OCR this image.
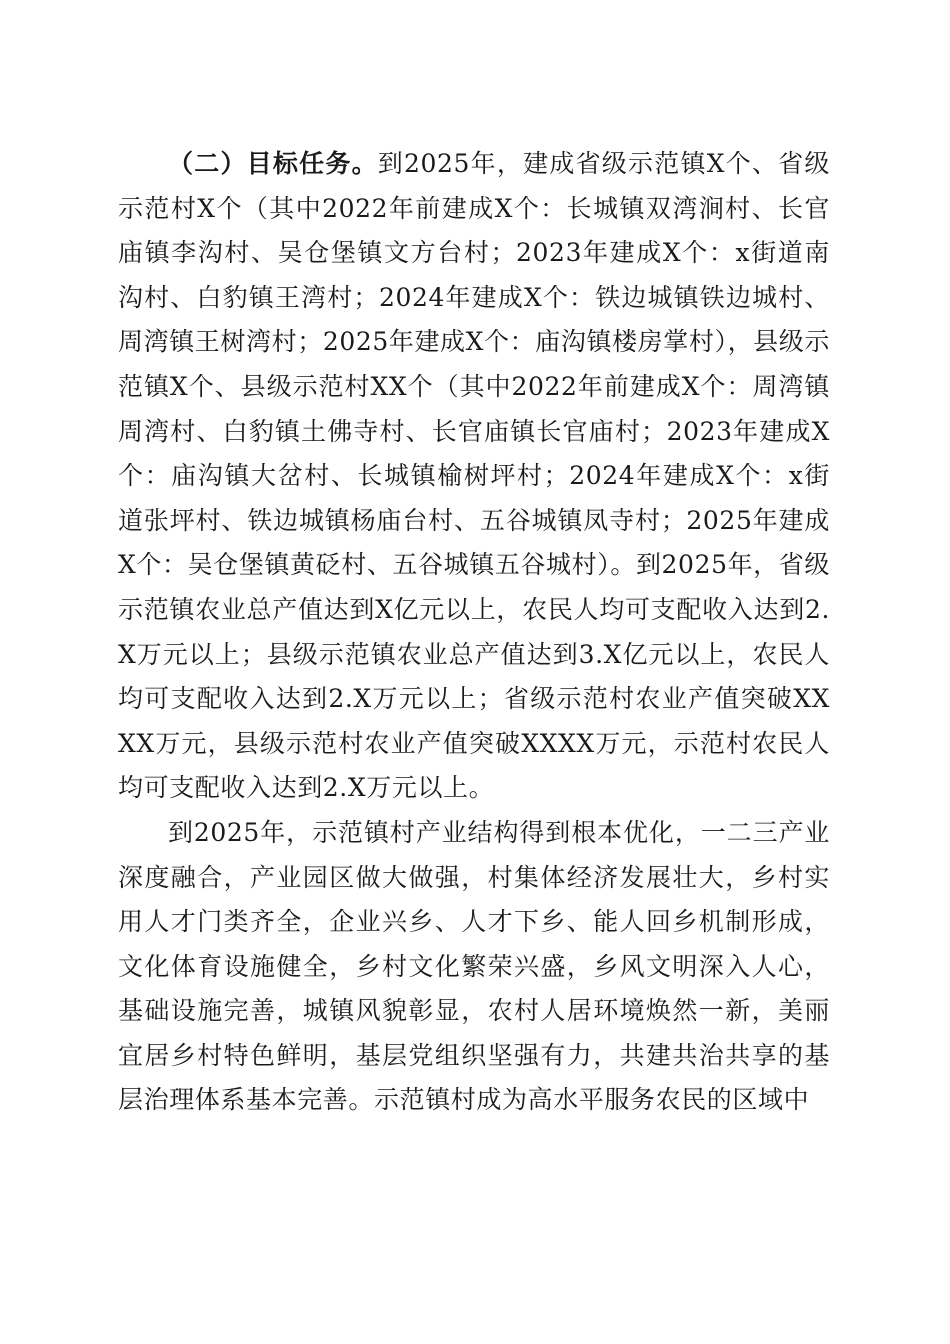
（二）目标任务。到2025年，建成省级示范镇X个、省级示范村X个（其中2022年前建成X个：长城镇双湾涧村、长官庙镇李沟村、吴仓堡镇文方台村；2023年建成X个：x街道南沟村、白豹镇王湾村；2024年建成X个：铁边城镇铁边城村、周湾镇王树湾村；2025年建成X个：庙沟镇楼房掌村），县级示范镇X个、县级示范村XX个（其中2022年前建成X个：周湾镇周湾村、白豹镇土佛寺村、长官庙镇长官庙村；2023年建成X个：庙沟镇大岔村、长城镇榆树坪村；2024年建成X个：x街道张坪村、铁边城镇杨庙台村、五谷城镇凤寺村；2025年建成X个：吴仓堡镇黄砭村、五谷城镇五谷城村）。到2025年，省级示范镇农业总产值达到X亿元以上，农民人均可支配收入达到2.X万元以上；县级示范镇农业总产值达到3.X亿元以上，农民人均可支配收入达到2.X万元以上；省级示范村农业产值突破XXXX万元，县级示范村农业产值突破XXXX万元，示范村农民人均可支配收入达到2.X万元以上。

到2025年，示范镇村产业结构得到根本优化，一二三产业深度融合，产业园区做大做强，村集体经济发展壮大，乡村实用人才门类齐全，企业兴乡、人才下乡、能人回乡机制形成，文化体育设施健全，乡村文化繁荣兴盛，乡风文明深入人心，基础设施完善，城镇风貌彰显，农村人居环境焕然一新，美丽宜居乡村特色鲜明，基层党组织坚强有力，共建共治共享的基层治理体系基本完善。示范镇村成为高水平服务农民的区域中
